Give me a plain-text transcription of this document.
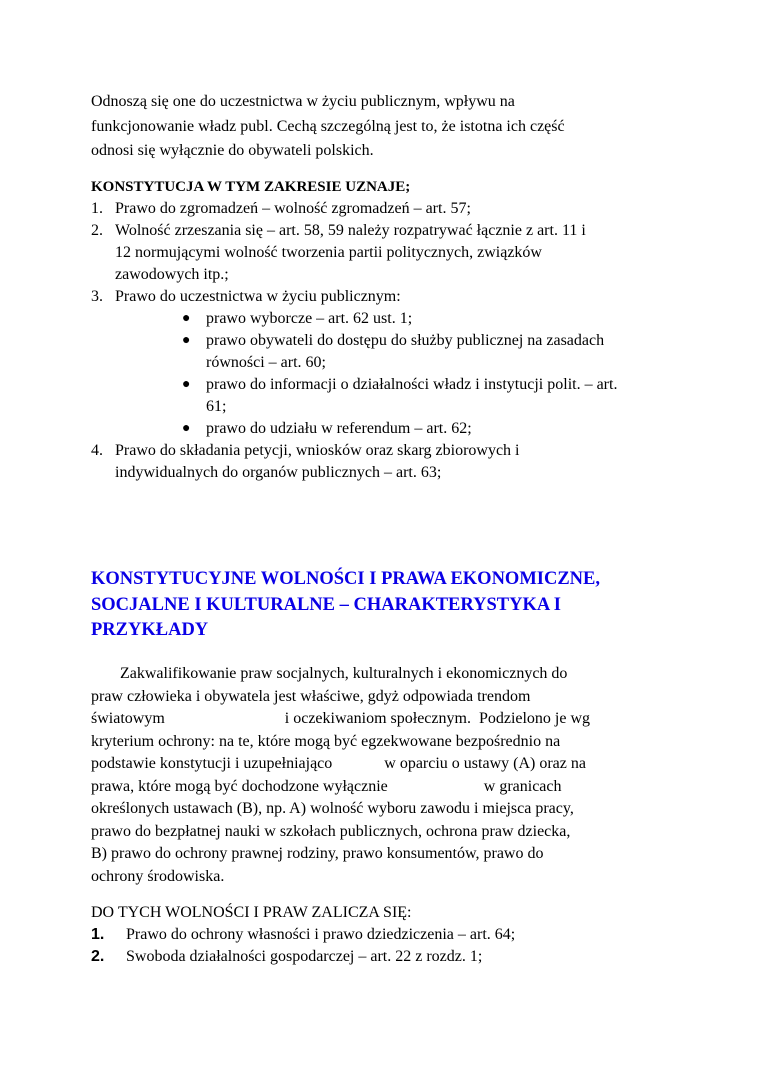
Odnoszą się one do uczestnictwa w życiu publicznym, wpływu na

funkcjonowanie władz publ. Cechą szczególną jest to, że istotna ich część

odnosi się wyłącznie do obywateli polskich.

KONSTYTUCJA W TYM ZAKRESIE UZNAJE;

1. Prawo do zgromadzeń – wolność zgromadzeń – art. 57;
2. Wolność zrzeszania się – art. 58, 59 należy rozpatrywać łącznie z art. 11 i
12 normującymi wolność tworzenia partii politycznych, związków
zawodowych itp.;
3. Prawo do uczestnictwa w życiu publicznym:
● prawo wyborcze – art. 62 ust. 1;
● prawo obywateli do dostępu do służby publicznej na zasadach
równości – art. 60;
● prawo do informacji o działalności władz i instytucji polit. – art.
61;
● prawo do udziału w referendum – art. 62;
4. Prawo do składania petycji, wniosków oraz skarg zbiorowych i
indywidualnych do organów publicznych – art. 63;
KONSTYTUCYJNE WOLNOŚCI I PRAWA EKONOMICZNE,
SOCJALNE I KULTURALNE – CHARAKTERYSTYKA I
PRZYKŁADY

Zakwalifikowanie praw socjalnych, kulturalnych i ekonomicznych do

praw człowieka i obywatela jest właściwe, gdyż odpowiada trendom

światowym                              i oczekiwaniom społecznym.  Podzielono je wg

kryterium ochrony: na te, które mogą być egzekwowane bezpośrednio na

podstawie konstytucji i uzupełniająco             w oparciu o ustawy (A) oraz na

prawa, które mogą być dochodzone wyłącznie                        w granicach

określonych ustawach (B), np. A) wolność wyboru zawodu i miejsca pracy,

prawo do bezpłatnej nauki w szkołach publicznych, ochrona praw dziecka,

B) prawo do ochrony prawnej rodziny, prawo konsumentów, prawo do

ochrony środowiska.

DO TYCH WOLNOŚCI I PRAW ZALICZA SIĘ:

1. Prawo do ochrony własności i prawo dziedziczenia – art. 64;
2. Swoboda działalności gospodarczej – art. 22 z rozdz. 1;
